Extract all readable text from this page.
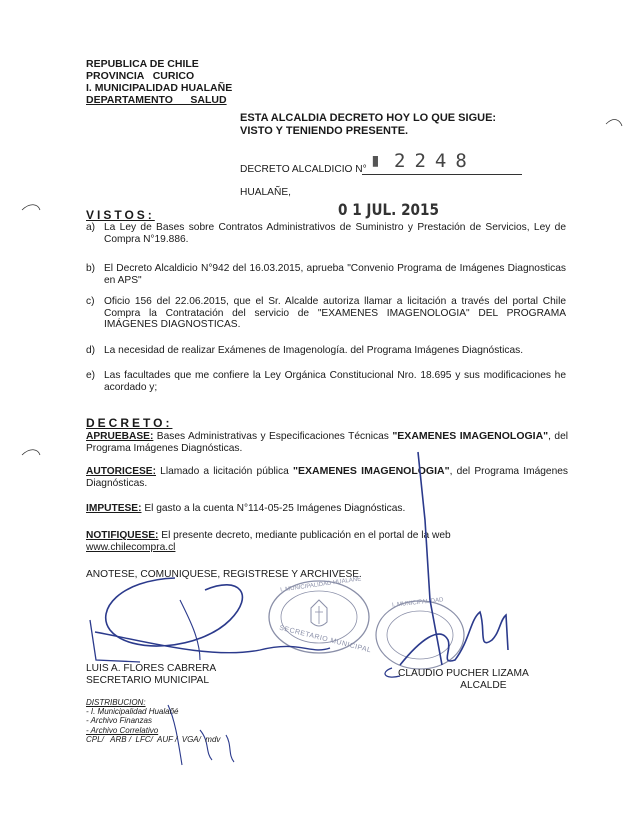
REPUBLICA DE CHILE
PROVINCIA   CURICO
I. MUNICIPALIDAD HUALAÑE
DEPARTAMENTO      SALUD
ESTA ALCALDIA DECRETO HOY LO QUE SIGUE:
VISTO Y TENIENDO PRESENTE.
DECRETO ALCALDICIO N° ▮ 2248
HUALAÑE,
0 1 JUL. 2015
VISTOS:
a) La Ley de Bases sobre Contratos Administrativos de Suministro y Prestación de Servicios, Ley de Compra N°19.886.
b) El Decreto Alcaldicio N°942 del 16.03.2015, aprueba "Convenio Programa de Imágenes Diagnosticas en APS"
c) Oficio 156 del 22.06.2015, que el Sr. Alcalde autoriza llamar a licitación a través del portal Chile Compra la Contratación del servicio de "EXAMENES IMAGENOLOGIA" DEL PROGRAMA IMÁGENES DIAGNOSTICAS.
d) La necesidad de realizar Exámenes de Imagenología. del Programa Imágenes Diagnósticas.
e) Las facultades que me confiere la Ley Orgánica Constitucional Nro. 18.695 y sus modificaciones he acordado y;
DECRETO:
APRUEBASE: Bases Administrativas y Especificaciones Técnicas "EXAMENES IMAGENOLOGIA", del Programa Imágenes Diagnósticas.
AUTORICESE: Llamado a licitación pública "EXAMENES IMAGENOLOGIA", del Programa Imágenes Diagnósticas.
IMPUTESE: El gasto a la cuenta N°114-05-25 Imágenes Diagnósticas.
NOTIFIQUESE: El presente decreto, mediante publicación en el portal de la web
www.chilecompra.cl
ANOTESE, COMUNIQUESE, REGISTRESE Y ARCHIVESE.
SECRETARIO MUNICIPAL
I. MUNICIPALIDAD HUALAÑE
I. MUNICIPALIDAD
LUIS A. FLORES CABRERA
SECRETARIO MUNICIPAL
CLAUDIO PUCHER LIZAMA
ALCALDE
DISTRIBUCION:
- I. Municipalidad Hualañé
- Archivo Finanzas
- Archivo Correlativo
CPL/   ARB /  LFC/  AUF /  VGA/  mdv
